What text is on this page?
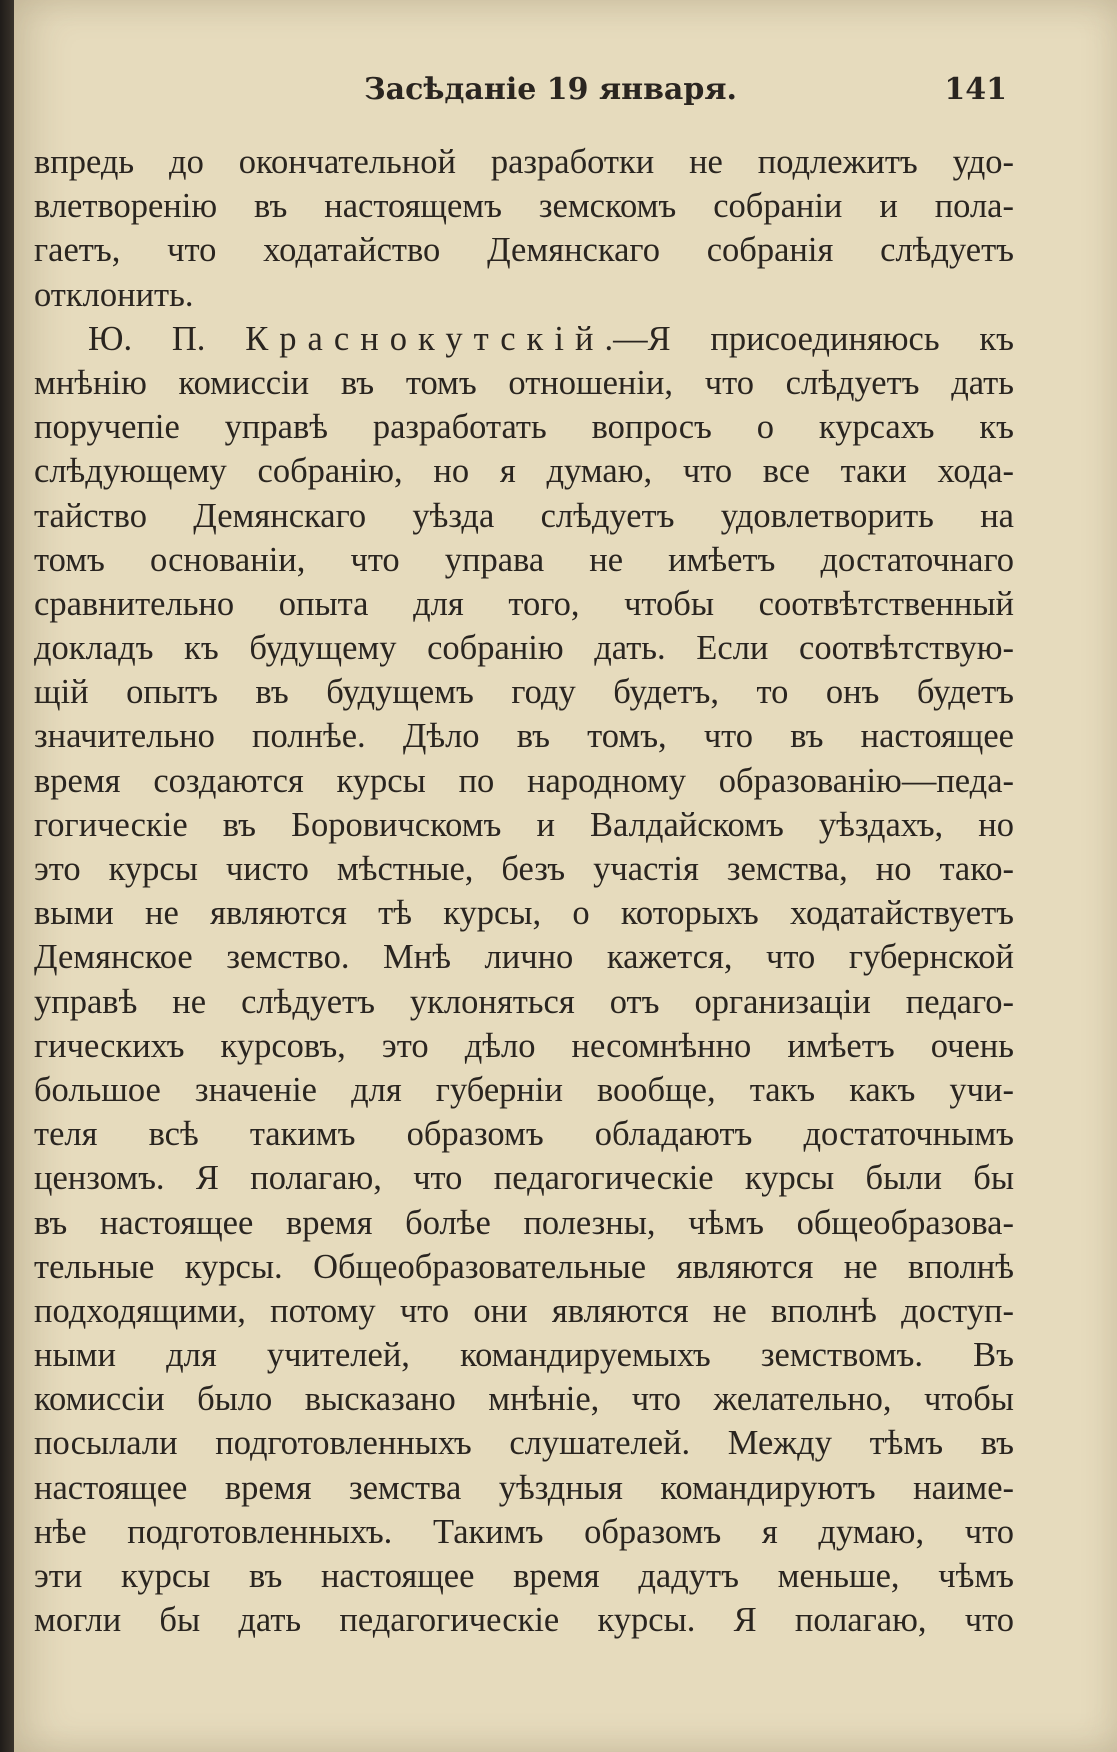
Засѣданіе 19 января.	141
впредь до окончательной разработки не подлежитъ удо-
влетворенію въ настоящемъ земскомъ собраніи и пола-
гаетъ, что ходатайство Демянскаго собранія слѣдуетъ
отклонить.
Ю. П. Краснокутскій.—Я присоединяюсь къ
мнѣнію комиссіи въ томъ отношеніи, что слѣдуетъ дать
поручепіе управѣ разработать вопросъ о курсахъ къ
слѣдующему собранію, но я думаю, что все таки хода-
тайство Демянскаго уѣзда слѣдуетъ удовлетворить на
томъ основаніи, что управа не имѣетъ достаточнаго
сравнительно опыта для того, чтобы соотвѣтственный
докладъ къ будущему собранію дать. Если соотвѣтствую-
щій опытъ въ будущемъ году будетъ, то онъ будетъ
значительно полнѣе. Дѣло въ томъ, что въ настоящее
время создаются курсы по народному образованію—педа-
гогическіе въ Боровичскомъ и Валдайскомъ уѣздахъ, но
это курсы чисто мѣстные, безъ участія земства, но тако-
выми не являются тѣ курсы, о которыхъ ходатайствуетъ
Демянское земство. Мнѣ лично кажется, что губернской
управѣ не слѣдуетъ уклоняться отъ организаціи педаго-
гическихъ курсовъ, это дѣло несомнѣнно имѣетъ очень
большое значеніе для губерніи вообще, такъ какъ учи-
теля всѣ такимъ образомъ обладаютъ достаточнымъ
цензомъ. Я полагаю, что педагогическіе курсы были бы
въ настоящее время болѣе полезны, чѣмъ общеобразова-
тельные курсы. Общеобразовательные являются не вполнѣ
подходящими, потому что они являются не вполнѣ доступ-
ными для учителей, командируемыхъ земствомъ. Въ
комиссіи было высказано мнѣніе, что желательно, чтобы
посылали подготовленныхъ слушателей. Между тѣмъ въ
настоящее время земства уѣздныя командируютъ наиме-
нѣе подготовленныхъ. Такимъ образомъ я думаю, что
эти курсы въ настоящее время дадутъ меньше, чѣмъ
могли бы дать педагогическіе курсы. Я полагаю, что
